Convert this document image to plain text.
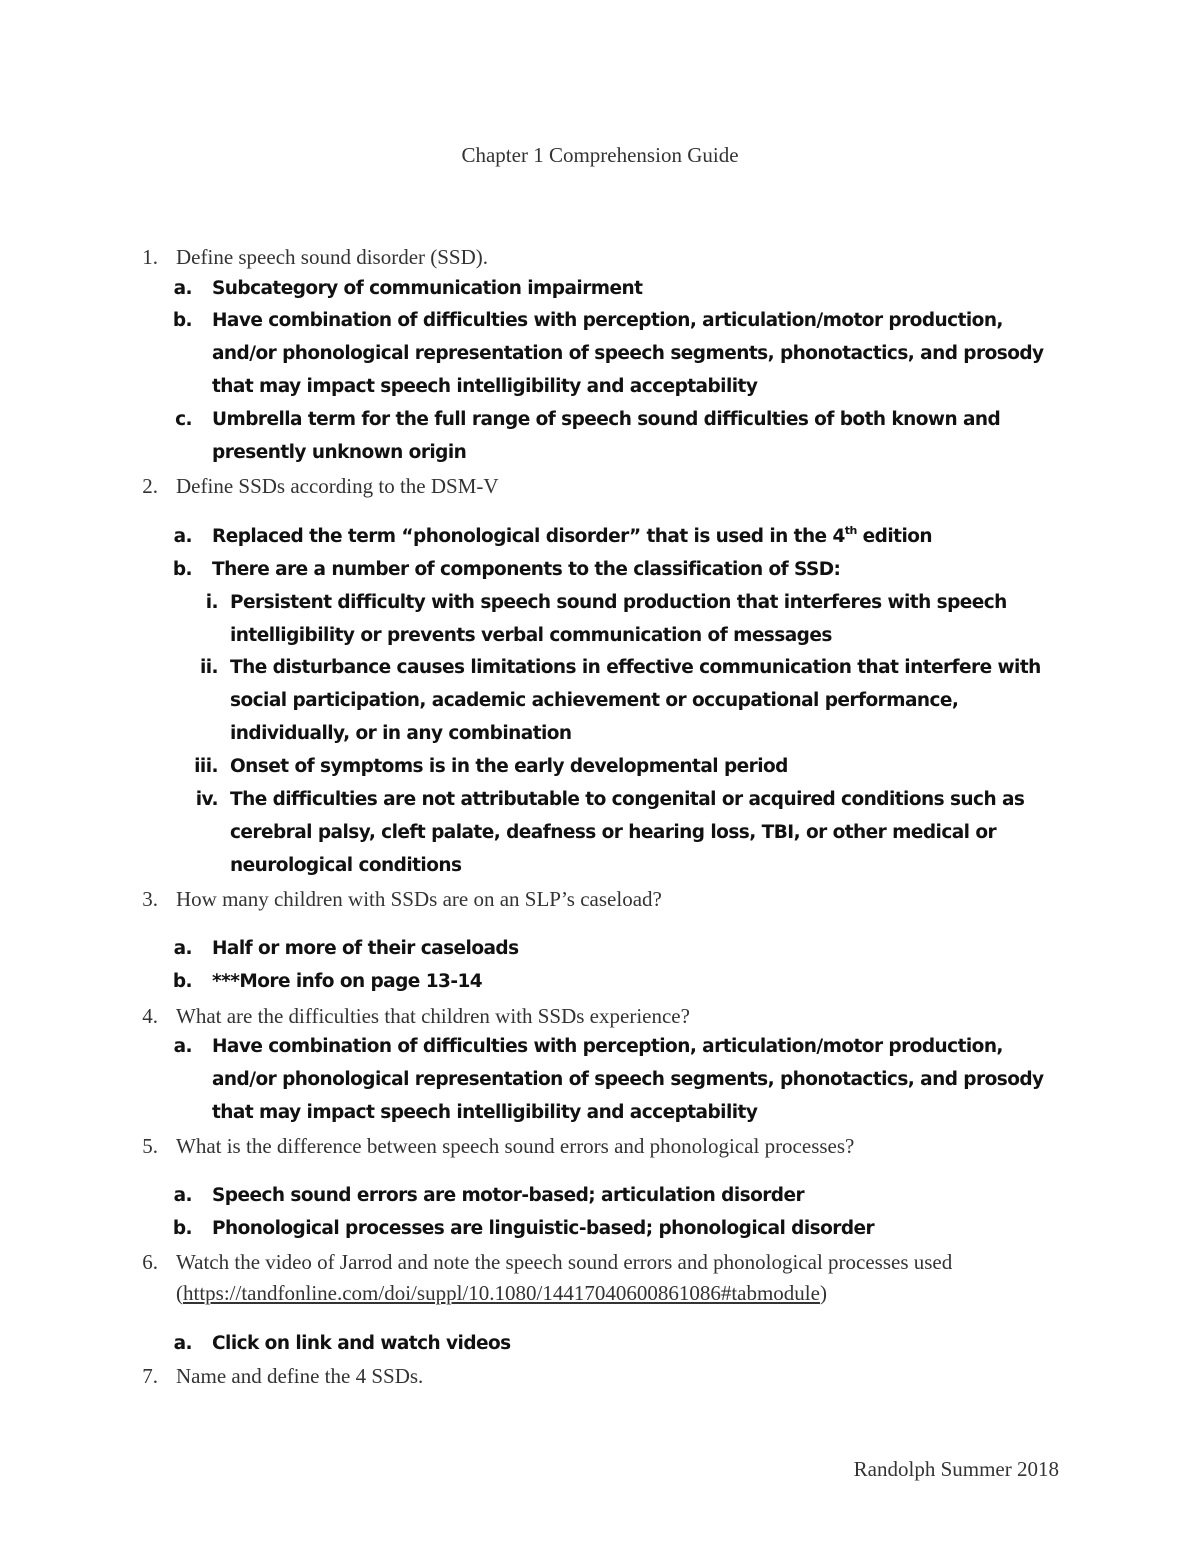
Chapter 1 Comprehension Guide
1. Define speech sound disorder (SSD).
a. Subcategory of communication impairment
b. Have combination of difficulties with perception, articulation/motor production,
and/or phonological representation of speech segments, phonotactics, and prosody
that may impact speech intelligibility and acceptability
c. Umbrella term for the full range of speech sound difficulties of both known and
presently unknown origin
2. Define SSDs according to the DSM-V
a. Replaced the term “phonological disorder” that is used in the 4th edition
b. There are a number of components to the classification of SSD:
i. Persistent difficulty with speech sound production that interferes with speech
intelligibility or prevents verbal communication of messages
ii. The disturbance causes limitations in effective communication that interfere with
social participation, academic achievement or occupational performance,
individually, or in any combination
iii. Onset of symptoms is in the early developmental period
iv. The difficulties are not attributable to congenital or acquired conditions such as
cerebral palsy, cleft palate, deafness or hearing loss, TBI, or other medical or
neurological conditions
3. How many children with SSDs are on an SLP’s caseload?
a. Half or more of their caseloads
b. ***More info on page 13-14
4. What are the difficulties that children with SSDs experience?
a. Have combination of difficulties with perception, articulation/motor production,
and/or phonological representation of speech segments, phonotactics, and prosody
that may impact speech intelligibility and acceptability
5. What is the difference between speech sound errors and phonological processes?
a. Speech sound errors are motor-based; articulation disorder
b. Phonological processes are linguistic-based; phonological disorder
6. Watch the video of Jarrod and note the speech sound errors and phonological processes used
(https://tandfonline.com/doi/suppl/10.1080/14417040600861086#tabmodule)
a. Click on link and watch videos
7. Name and define the 4 SSDs.
Randolph Summer 2018
